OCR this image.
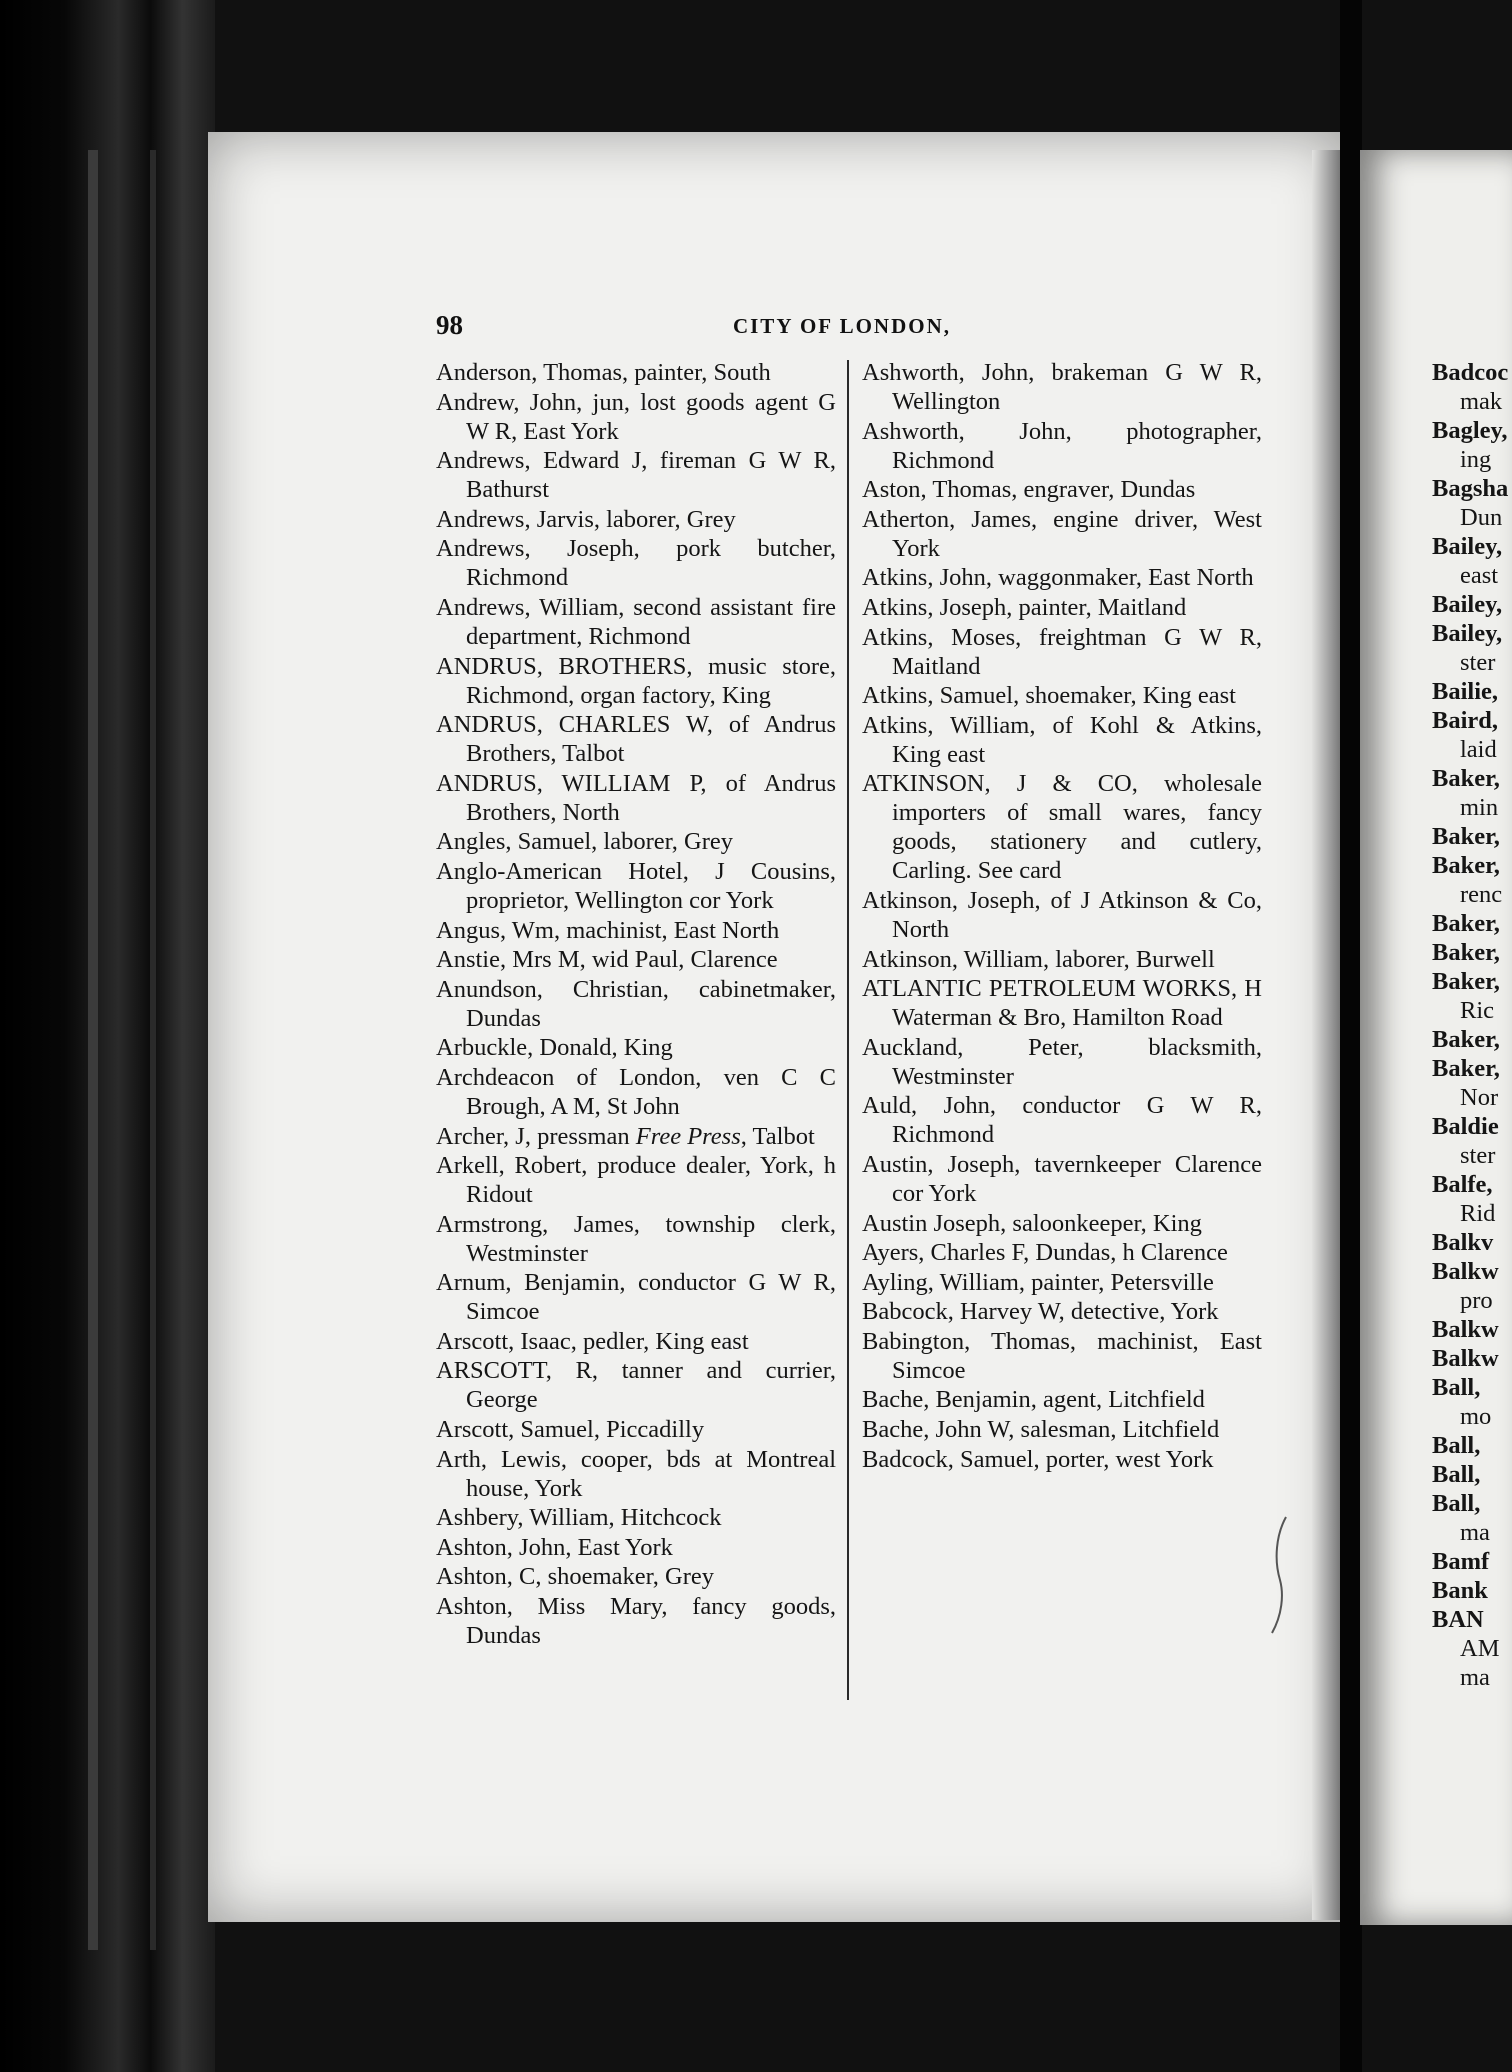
98	CITY OF LONDON,

Anderson, Thomas, painter, South

Andrew, John, jun, lost goods agent G W R, East York

Andrews, Edward J, fireman G W R, Bathurst

Andrews, Jarvis, laborer, Grey

Andrews, Joseph, pork butcher, Richmond

Andrews, William, second assistant fire department, Richmond

ANDRUS, BROTHERS, music store, Richmond, organ factory, King

ANDRUS, CHARLES W, of Andrus Brothers, Talbot

ANDRUS, WILLIAM P, of Andrus Brothers, North

Angles, Samuel, laborer, Grey

Anglo-American Hotel, J Cousins, proprietor, Wellington cor York

Angus, Wm, machinist, East North

Anstie, Mrs M, wid Paul, Clarence

Anundson, Christian, cabinetmaker, Dundas

Arbuckle, Donald, King

Archdeacon of London, ven C C Brough, A M, St John

Archer, J, pressman Free Press, Talbot

Arkell, Robert, produce dealer, York, h Ridout

Armstrong, James, township clerk, Westminster

Arnum, Benjamin, conductor G W R, Simcoe

Arscott, Isaac, pedler, King east

ARSCOTT, R, tanner and currier, George

Arscott, Samuel, Piccadilly

Arth, Lewis, cooper, bds at Montreal house, York

Ashbery, William, Hitchcock

Ashton, John, East York

Ashton, C, shoemaker, Grey

Ashton, Miss Mary, fancy goods, Dundas

Ashworth, John, brakeman G W R, Wellington

Ashworth, John, photographer, Richmond

Aston, Thomas, engraver, Dundas

Atherton, James, engine driver, West York

Atkins, John, waggonmaker, East North

Atkins, Joseph, painter, Maitland

Atkins, Moses, freightman G W R, Maitland

Atkins, Samuel, shoemaker, King east

Atkins, William, of Kohl & Atkins, King east

ATKINSON, J & CO, wholesale importers of small wares, fancy goods, stationery and cutlery, Carling. See card

Atkinson, Joseph, of J Atkinson & Co, North

Atkinson, William, laborer, Burwell

ATLANTIC PETROLEUM WORKS, H Waterman & Bro, Hamilton Road

Auckland, Peter, blacksmith, Westminster

Auld, John, conductor G W R, Richmond

Austin, Joseph, tavernkeeper Clarence cor York

Austin Joseph, saloonkeeper, King

Ayers, Charles F, Dundas, h Clarence

Ayling, William, painter, Petersville

Babcock, Harvey W, detective, York

Babington, Thomas, machinist, East Simcoe

Bache, Benjamin, agent, Litchfield

Bache, John W, salesman, Litchfield

Badcock, Samuel, porter, west York

Badcoc
mak
Bagley,
ing
Bagsha
Dun
Bailey,
east
Bailey,
Bailey,
ster
Bailie,
Baird,
laid
Baker,
min
Baker,
Baker,
renc
Baker,
Baker,
Baker,
Ric
Baker,
Baker,
Nor
Baldie
ster
Balfe,
Rid
Balkv
Balkw
pro
Balkw
Balkw
Ball,
mo
Ball,
Ball,
Ball,
ma
Bamf
Bank
BAN
AM
ma
